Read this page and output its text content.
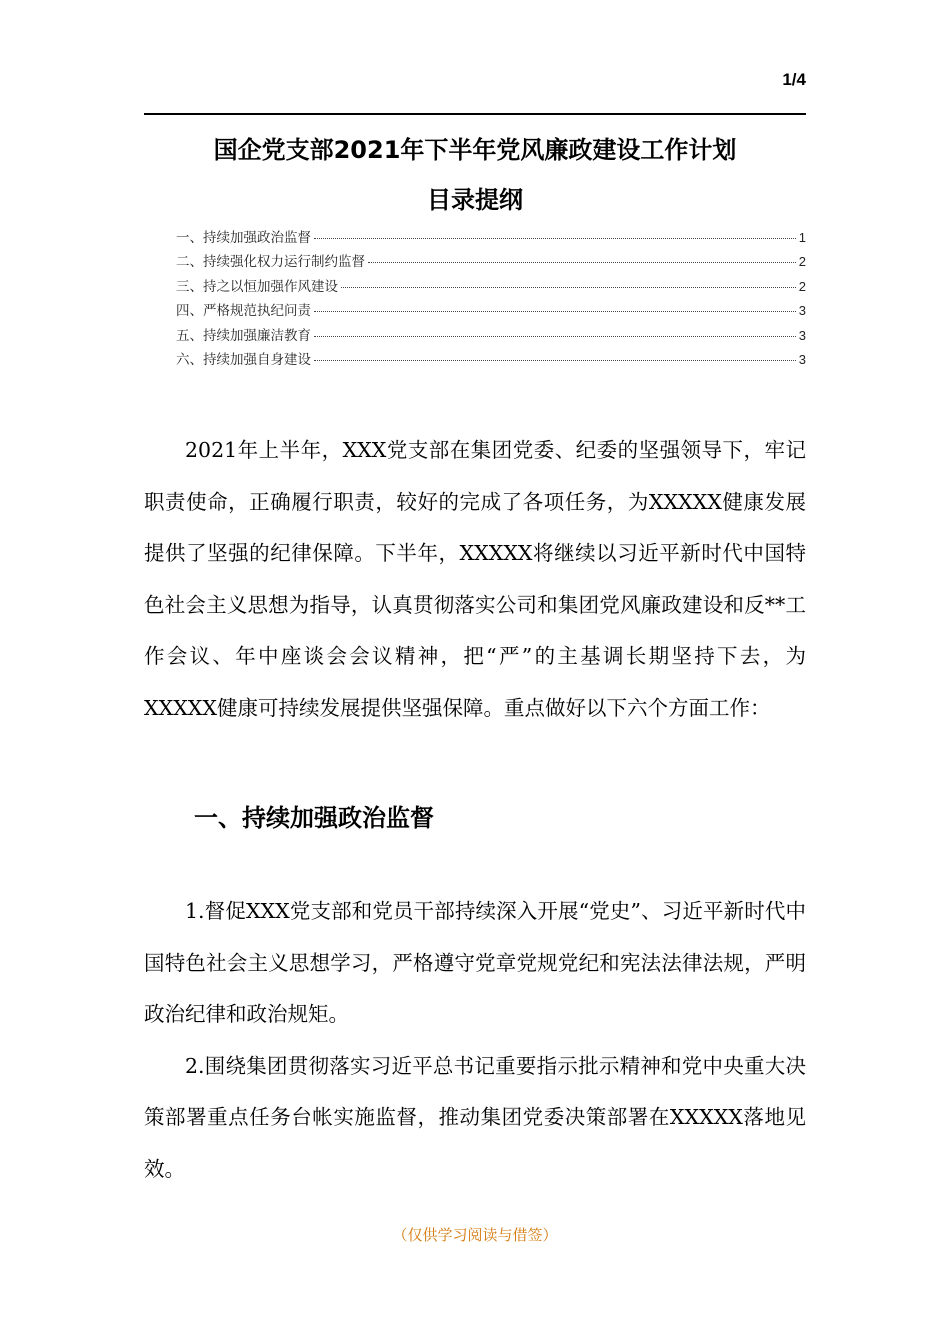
1/4
国企党支部2021年下半年党风廉政建设工作计划
目录提纲
一、持续加强政治监督	1
二、持续强化权力运行制约监督	2
三、持之以恒加强作风建设	2
四、严格规范执纪问责	3
五、持续加强廉洁教育	3
六、持续加强自身建设	3

2021年上半年，XXX党支部在集团党委、纪委的坚强领导下，牢记职责使命，正确履行职责，较好的完成了各项任务，为XXXXX健康发展提供了坚强的纪律保障。下半年，XXXXX将继续以习近平新时代中国特色社会主义思想为指导，认真贯彻落实公司和集团党风廉政建设和反**工作会议、年中座谈会会议精神，把“严”的主基调长期坚持下去，为XXXXX健康可持续发展提供坚强保障。重点做好以下六个方面工作：

一、持续加强政治监督

1.督促XXX党支部和党员干部持续深入开展“党史”、习近平新时代中国特色社会主义思想学习，严格遵守党章党规党纪和宪法法律法规，严明政治纪律和政治规矩。

2.围绕集团贯彻落实习近平总书记重要指示批示精神和党中央重大决策部署重点任务台帐实施监督，推动集团党委决策部署在XXXXX落地见效。

（仅供学习阅读与借签）
